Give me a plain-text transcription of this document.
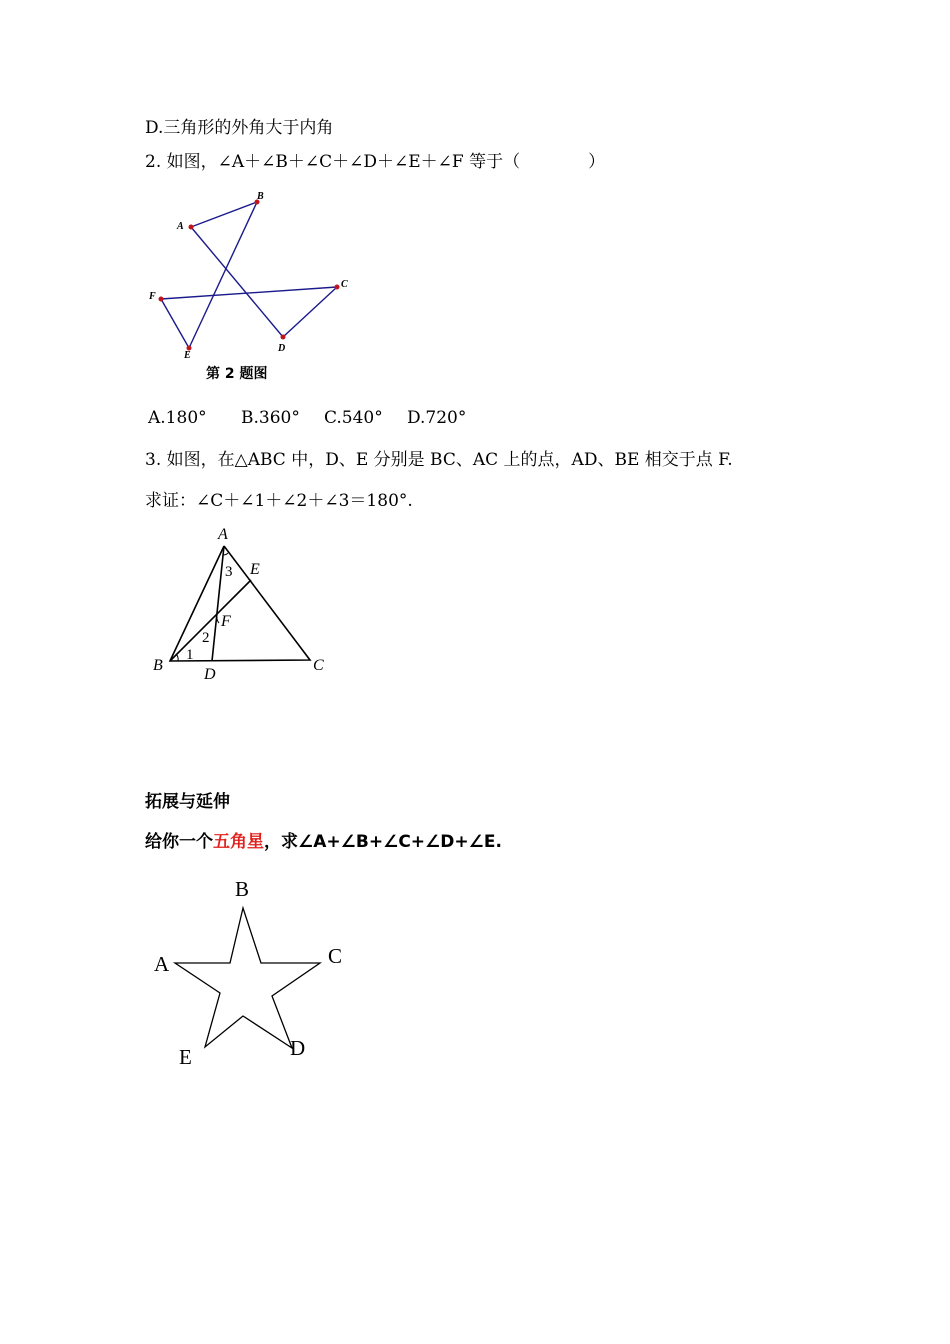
D.三角形的外角大于内角
2. 如图，∠A＋∠B＋∠C＋∠D＋∠E＋∠F 等于（　　　　）
A
B
C
D
E
F
第 2 题图
A.180° B.360° C.540° D.720°
3. 如图，在△ABC 中，D、E 分别是 BC、AC 上的点，AD、BE 相交于点 F.
求证：∠C＋∠1＋∠2＋∠3＝180°.
A
E
F
B
D
C
3
2
1
拓展与延伸
给你一个五角星，求∠A+∠B+∠C+∠D+∠E.
B
A	C
D
E
